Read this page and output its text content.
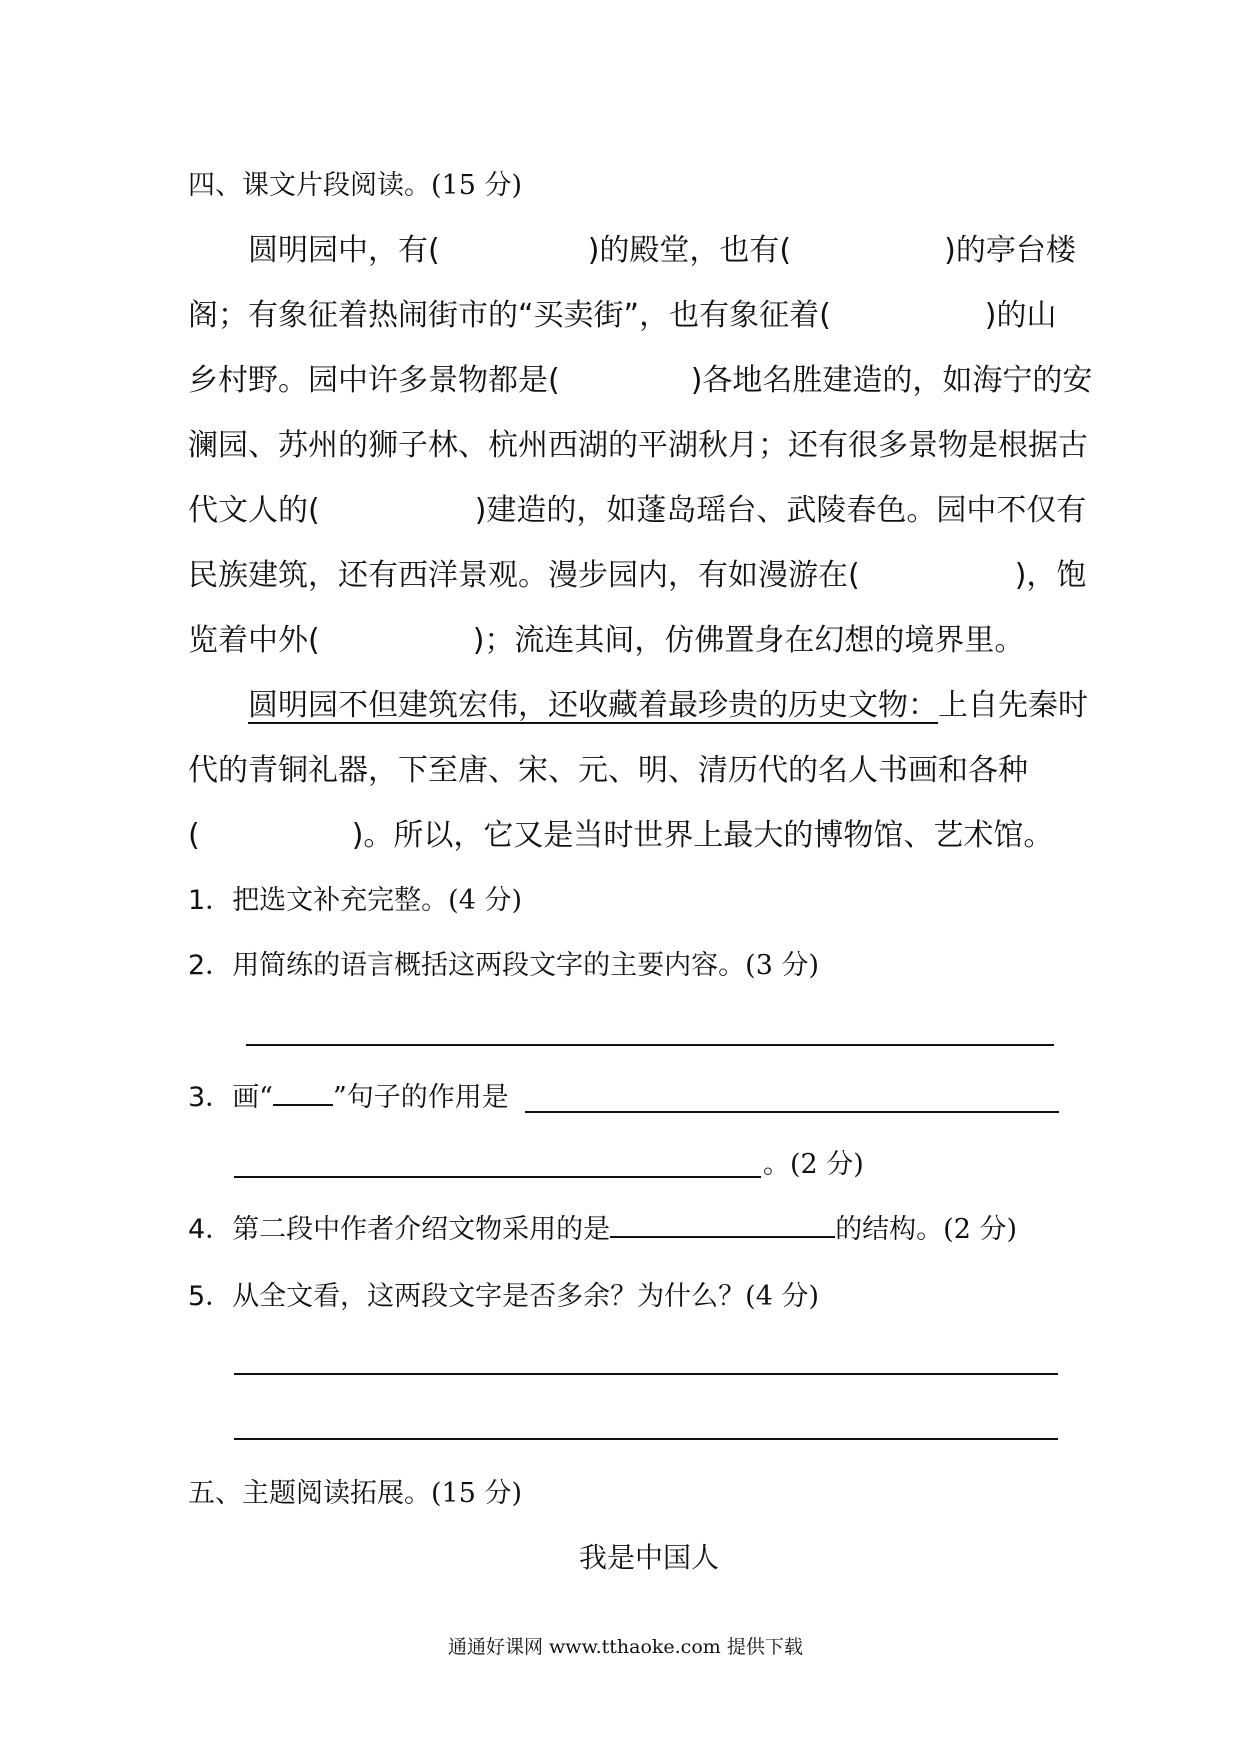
四、课文片段阅读。(15 分)
圆明园中，有(	)的殿堂，也有(	)的亭台楼
阁；有象征着热闹街市的“买卖街”，也有象征着(	)的山
乡村野。园中许多景物都是(	)各地名胜建造的，如海宁的安
澜园、苏州的狮子林、杭州西湖的平湖秋月；还有很多景物是根据古
代文人的(	)建造的，如蓬岛瑶台、武陵春色。园中不仅有
民族建筑，还有西洋景观。漫步园内，有如漫游在(	)，饱
览着中外(	)；流连其间，仿佛置身在幻想的境界里。
圆明园不但建筑宏伟，还收藏着最珍贵的历史文物：上自先秦时
代的青铜礼器，下至唐、宋、元、明、清历代的名人书画和各种
(	)。所以，它又是当时世界上最大的博物馆、艺术馆。
1．把选文补充完整。(4 分)
2．用简练的语言概括这两段文字的主要内容。(3 分)
3．画“ ”句子的作用是
。(2 分)
4．第二段中作者介绍文物采用的是	的结构。(2 分)
5．从全文看，这两段文字是否多余？为什么？(4 分)
五、主题阅读拓展。(15 分)
我是中国人
通通好课网 www.tthaoke.com 提供下载
